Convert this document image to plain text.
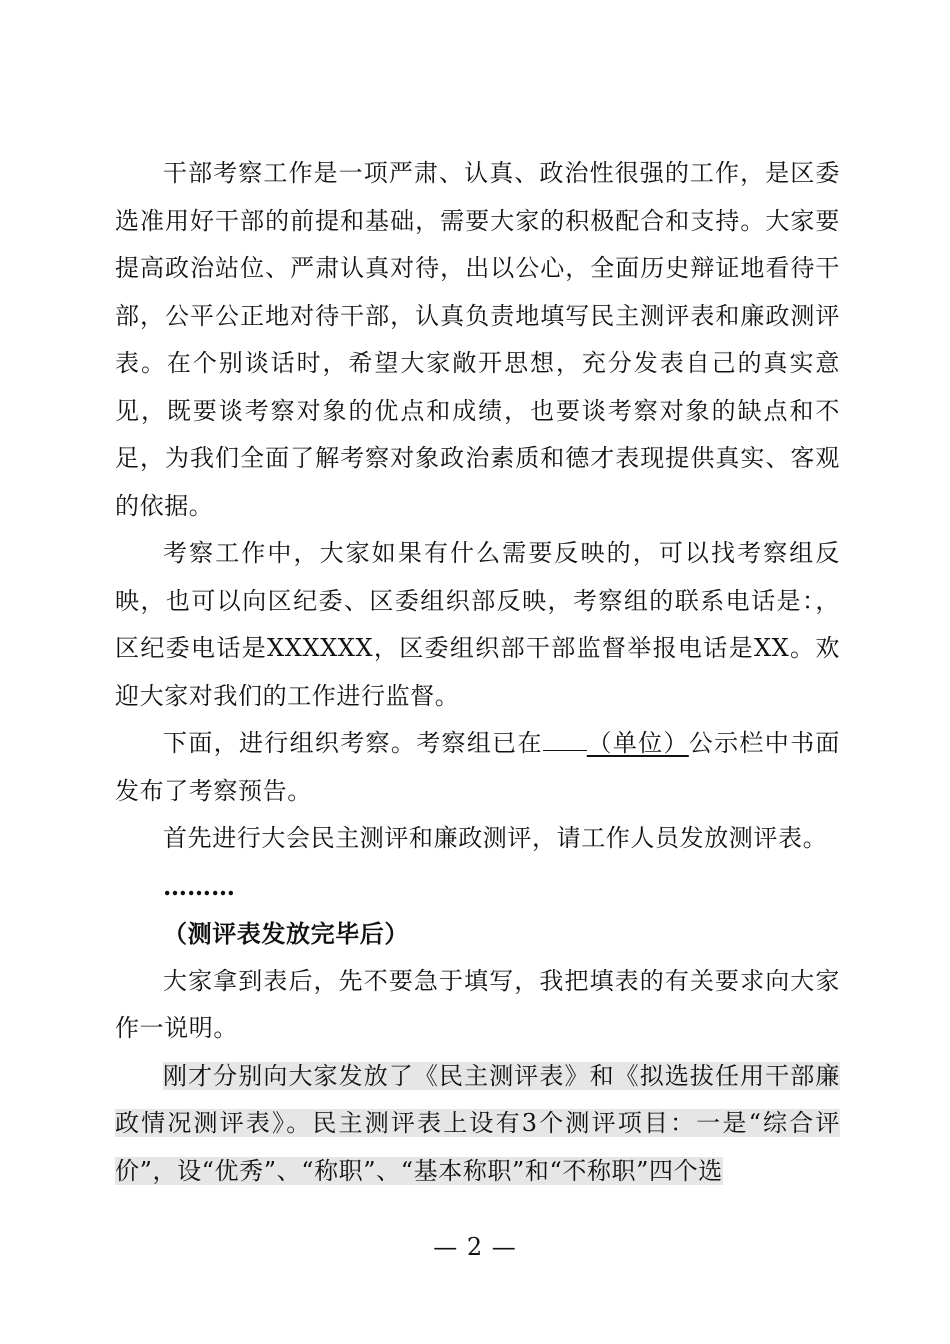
干部考察工作是一项严肃、认真、政治性很强的工作，是区委选准用好干部的前提和基础，需要大家的积极配合和支持。大家要提高政治站位、严肃认真对待，出以公心，全面历史辩证地看待干部，公平公正地对待干部，认真负责地填写民主测评表和廉政测评表。在个别谈话时，希望大家敞开思想，充分发表自己的真实意见，既要谈考察对象的优点和成绩，也要谈考察对象的缺点和不足，为我们全面了解考察对象政治素质和德才表现提供真实、客观的依据。

考察工作中，大家如果有什么需要反映的，可以找考察组反映，也可以向区纪委、区委组织部反映，考察组的联系电话是：，区纪委电话是XXXXXX，区委组织部干部监督举报电话是XX。欢迎大家对我们的工作进行监督。

下面，进行组织考察。考察组已在 （单位）公示栏中书面发布了考察预告。

首先进行大会民主测评和廉政测评，请工作人员发放测评表。

………

（测评表发放完毕后）

大家拿到表后，先不要急于填写，我把填表的有关要求向大家作一说明。

刚才分别向大家发放了《民主测评表》和《拟选拔任用干部廉政情况测评表》。民主测评表上设有3个测评项目：一是“综合评价”，设“优秀”、“称职”、“基本称职”和“不称职”四个选

— 2 —
